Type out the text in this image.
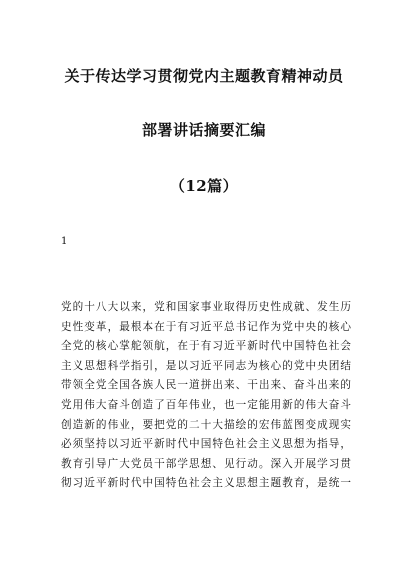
关于传达学习贯彻党内主题教育精神动员
部署讲话摘要汇编
（12篇）
1
党的十八大以来，党和国家事业取得历史性成就、发生历
史性变革，最根本在于有习近平总书记作为党中央的核心
全党的核心掌舵领航，在于有习近平新时代中国特色社会
主义思想科学指引，是以习近平同志为核心的党中央团结
带领全党全国各族人民一道拼出来、干出来、奋斗出来的
党用伟大奋斗创造了百年伟业，也一定能用新的伟大奋斗
创造新的伟业，要把党的二十大描绘的宏伟蓝图变成现实
必须坚持以习近平新时代中国特色社会主义思想为指导，
教育引导广大党员干部学思想、见行动。深入开展学习贯
彻习近平新时代中国特色社会主义思想主题教育，是统一
